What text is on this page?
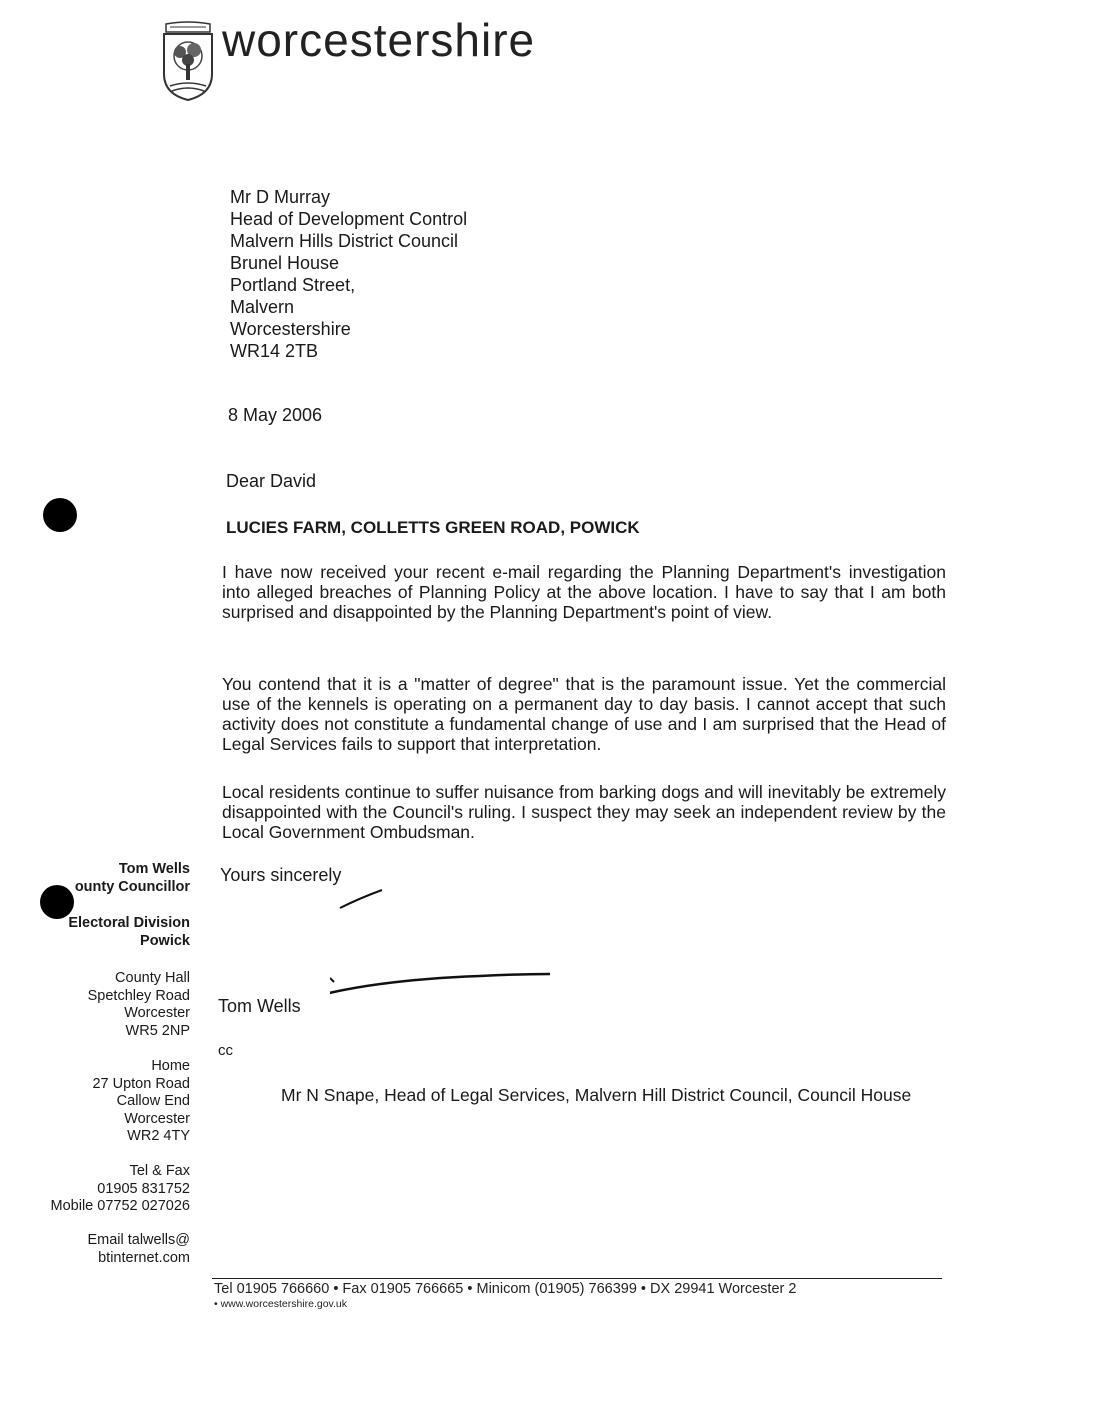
worcestershire
Mr D Murray
Head of Development Control
Malvern Hills District Council
Brunel House
Portland Street,
Malvern
Worcestershire
WR14 2TB
8 May 2006
Dear David
LUCIES FARM, COLLETTS GREEN ROAD, POWICK
I have now received your recent e-mail regarding the Planning Department's investigation into alleged breaches of Planning Policy at the above location. I have to say that I am both surprised and disappointed by the Planning Department's point of view.
You contend that it is a "matter of degree" that is the paramount issue. Yet the commercial use of the kennels is operating on a permanent day to day basis. I cannot accept that such activity does not constitute a fundamental change of use and I am surprised that the Head of Legal Services fails to support that interpretation.
Local residents continue to suffer nuisance from barking dogs and will inevitably be extremely disappointed with the Council's ruling. I suspect they may seek an independent review by the Local Government Ombudsman.
Yours sincerely
Tom Wells
cc
Mr N Snape, Head of Legal Services, Malvern Hill District Council, Council House
Tom Wells
ounty Councillor
Electoral Division
Powick
County Hall
Spetchley Road
Worcester
WR5 2NP
Home
27 Upton Road
Callow End
Worcester
WR2 4TY
Tel & Fax
01905 831752
Mobile 07752 027026
Email talwells@
btinternet.com
Tel 01905 766660 • Fax 01905 766665 • Minicom (01905) 766399 • DX 29941 Worcester 2
• www.worcestershire.gov.uk
